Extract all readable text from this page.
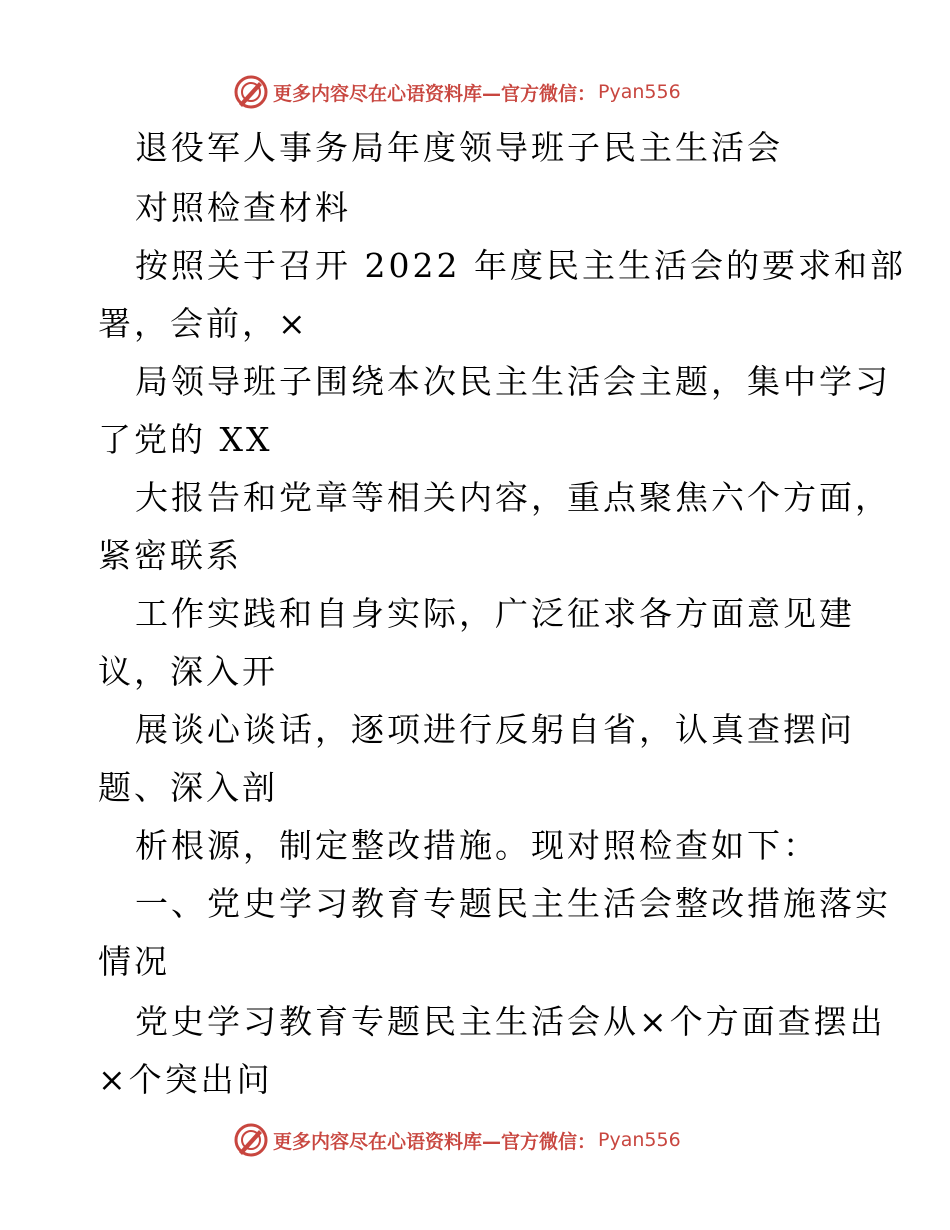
更多内容尽在心语资料库—官方微信： Pyan556
退役军人事务局年度领导班子民主生活会
对照检查材料
按照关于召开 2022 年度民主生活会的要求和部
署，会前，×
局领导班子围绕本次民主生活会主题，集中学习
了党的 XX
大报告和党章等相关内容，重点聚焦六个方面，
紧密联系
工作实践和自身实际，广泛征求各方面意见建
议，深入开
展谈心谈话，逐项进行反躬自省，认真查摆问
题、深入剖
析根源，制定整改措施。现对照检查如下：
一、党史学习教育专题民主生活会整改措施落实
情况
党史学习教育专题民主生活会从×个方面查摆出
×个突出问
更多内容尽在心语资料库—官方微信： Pyan556
